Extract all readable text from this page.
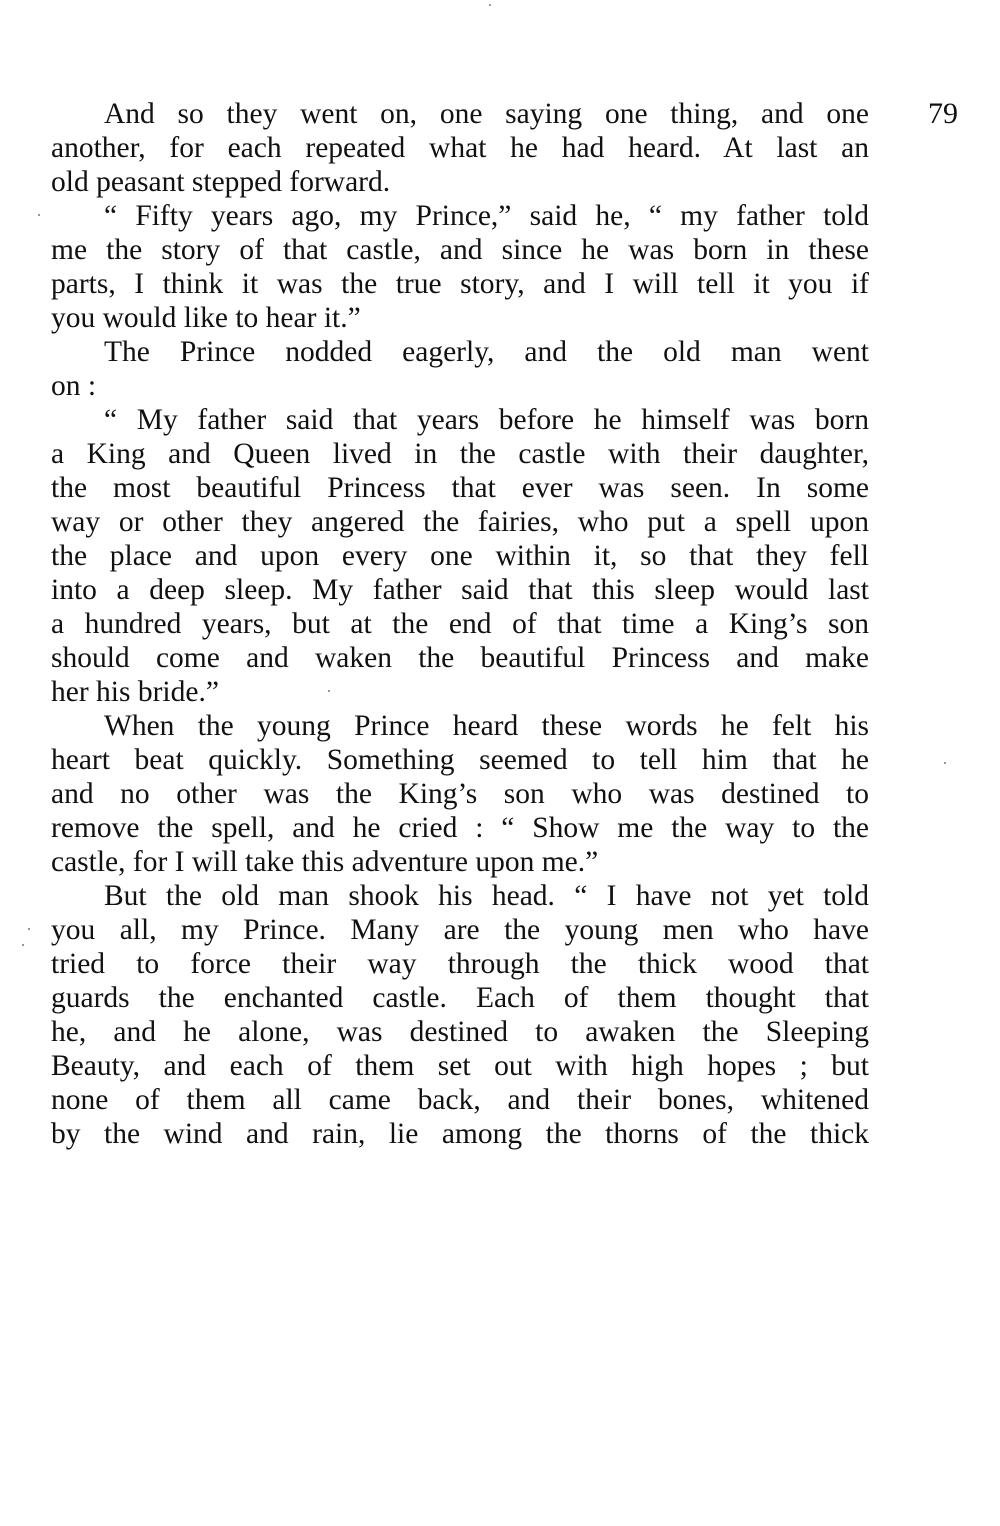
79
And so they went on, one saying one thing, and one
another, for each repeated what he had heard. At last an
old peasant stepped forward.
“ Fifty years ago, my Prince,” said he, “ my father told
me the story of that castle, and since he was born in these
parts, I think it was the true story, and I will tell it you if
you would like to hear it.”
The Prince nodded eagerly, and the old man went
on :
“ My father said that years before he himself was born
a King and Queen lived in the castle with their daughter,
the most beautiful Princess that ever was seen. In some
way or other they angered the fairies, who put a spell upon
the place and upon every one within it, so that they fell
into a deep sleep. My father said that this sleep would last
a hundred years, but at the end of that time a King’s son
should come and waken the beautiful Princess and make
her his bride.”
When the young Prince heard these words he felt his
heart beat quickly. Something seemed to tell him that he
and no other was the King’s son who was destined to
remove the spell, and he cried : “ Show me the way to the
castle, for I will take this adventure upon me.”
But the old man shook his head. “ I have not yet told
you all, my Prince. Many are the young men who have
tried to force their way through the thick wood that
guards the enchanted castle. Each of them thought that
he, and he alone, was destined to awaken the Sleeping
Beauty, and each of them set out with high hopes ; but
none of them all came back, and their bones, whitened
by the wind and rain, lie among the thorns of the thick
